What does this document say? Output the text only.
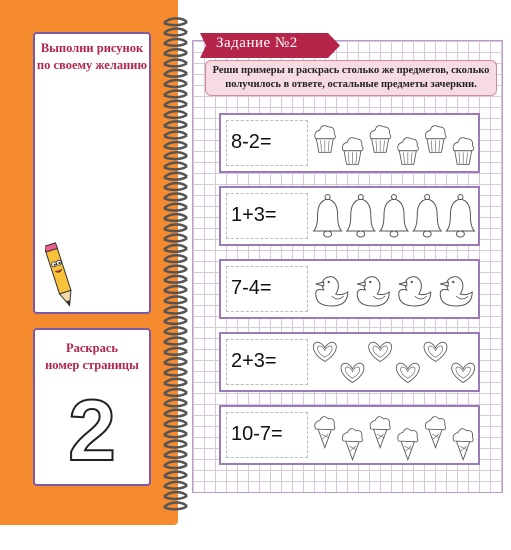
Выполни рисунок
по своему желанию
Раскрась
номер страницы
2
Задание №2
Реши примеры и раскрась столько же предметов, сколько
получилось в ответе, остальные предметы зачеркни.
8-2=
1+3=
7-4=
2+3=
10-7=
